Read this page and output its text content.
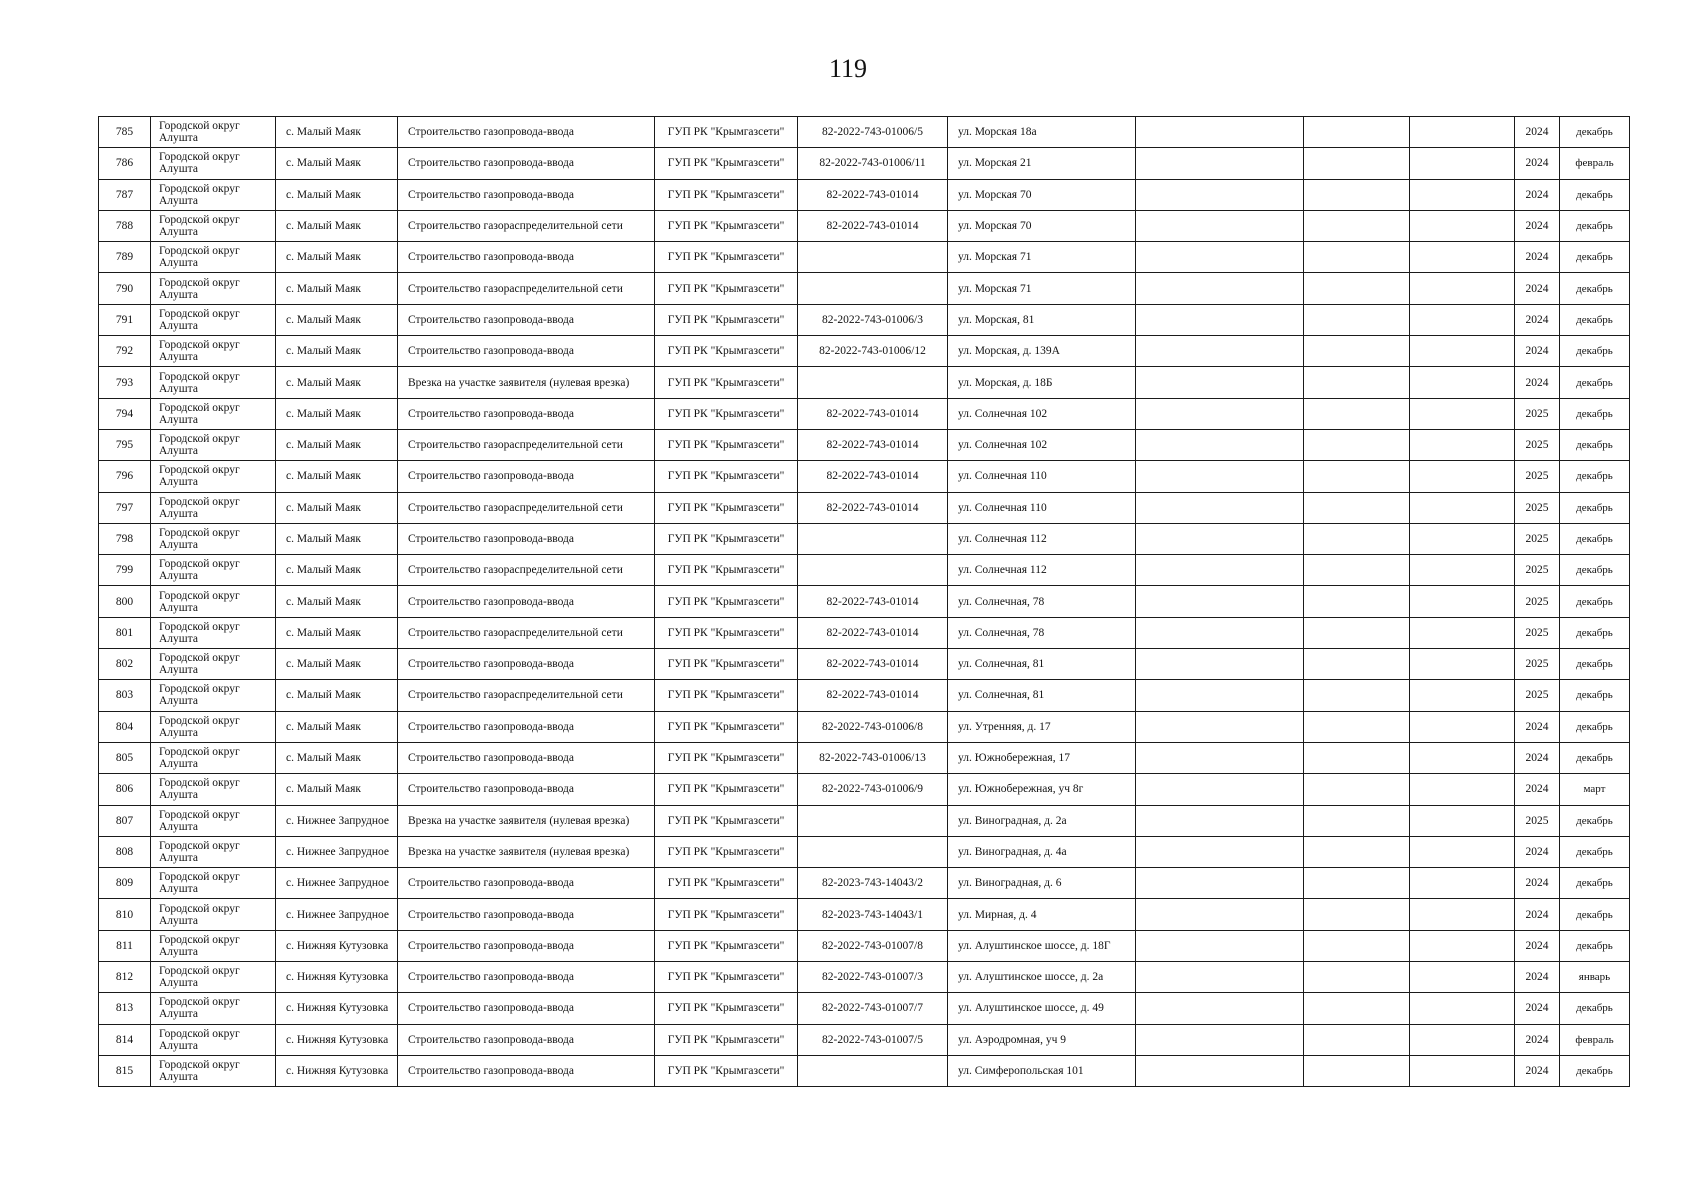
119
785	Городской округ Алушта	с. Малый Маяк	Строительство газопровода-ввода	ГУП РК "Крымгазсети"	82-2022-743-01006/5	ул. Морская 18а				2024	декабрь
786	Городской округ Алушта	с. Малый Маяк	Строительство газопровода-ввода	ГУП РК "Крымгазсети"	82-2022-743-01006/11	ул. Морская 21				2024	февраль
787	Городской округ Алушта	с. Малый Маяк	Строительство газопровода-ввода	ГУП РК "Крымгазсети"	82-2022-743-01014	ул. Морская 70				2024	декабрь
788	Городской округ Алушта	с. Малый Маяк	Строительство газораспределительной сети	ГУП РК "Крымгазсети"	82-2022-743-01014	ул. Морская 70				2024	декабрь
789	Городской округ Алушта	с. Малый Маяк	Строительство газопровода-ввода	ГУП РК "Крымгазсети"		ул. Морская 71				2024	декабрь
790	Городской округ Алушта	с. Малый Маяк	Строительство газораспределительной сети	ГУП РК "Крымгазсети"		ул. Морская 71				2024	декабрь
791	Городской округ Алушта	с. Малый Маяк	Строительство газопровода-ввода	ГУП РК "Крымгазсети"	82-2022-743-01006/3	ул. Морская, 81				2024	декабрь
792	Городской округ Алушта	с. Малый Маяк	Строительство газопровода-ввода	ГУП РК "Крымгазсети"	82-2022-743-01006/12	ул. Морская, д. 139А				2024	декабрь
793	Городской округ Алушта	с. Малый Маяк	Врезка на участке заявителя (нулевая врезка)	ГУП РК "Крымгазсети"		ул. Морская, д. 18Б				2024	декабрь
794	Городской округ Алушта	с. Малый Маяк	Строительство газопровода-ввода	ГУП РК "Крымгазсети"	82-2022-743-01014	ул. Солнечная 102				2025	декабрь
795	Городской округ Алушта	с. Малый Маяк	Строительство газораспределительной сети	ГУП РК "Крымгазсети"	82-2022-743-01014	ул. Солнечная 102				2025	декабрь
796	Городской округ Алушта	с. Малый Маяк	Строительство газопровода-ввода	ГУП РК "Крымгазсети"	82-2022-743-01014	ул. Солнечная 110				2025	декабрь
797	Городской округ Алушта	с. Малый Маяк	Строительство газораспределительной сети	ГУП РК "Крымгазсети"	82-2022-743-01014	ул. Солнечная 110				2025	декабрь
798	Городской округ Алушта	с. Малый Маяк	Строительство газопровода-ввода	ГУП РК "Крымгазсети"		ул. Солнечная 112				2025	декабрь
799	Городской округ Алушта	с. Малый Маяк	Строительство газораспределительной сети	ГУП РК "Крымгазсети"		ул. Солнечная 112				2025	декабрь
800	Городской округ Алушта	с. Малый Маяк	Строительство газопровода-ввода	ГУП РК "Крымгазсети"	82-2022-743-01014	ул. Солнечная, 78				2025	декабрь
801	Городской округ Алушта	с. Малый Маяк	Строительство газораспределительной сети	ГУП РК "Крымгазсети"	82-2022-743-01014	ул. Солнечная, 78				2025	декабрь
802	Городской округ Алушта	с. Малый Маяк	Строительство газопровода-ввода	ГУП РК "Крымгазсети"	82-2022-743-01014	ул. Солнечная, 81				2025	декабрь
803	Городской округ Алушта	с. Малый Маяк	Строительство газораспределительной сети	ГУП РК "Крымгазсети"	82-2022-743-01014	ул. Солнечная, 81				2025	декабрь
804	Городской округ Алушта	с. Малый Маяк	Строительство газопровода-ввода	ГУП РК "Крымгазсети"	82-2022-743-01006/8	ул. Утренняя, д. 17				2024	декабрь
805	Городской округ Алушта	с. Малый Маяк	Строительство газопровода-ввода	ГУП РК "Крымгазсети"	82-2022-743-01006/13	ул. Южнобережная, 17				2024	декабрь
806	Городской округ Алушта	с. Малый Маяк	Строительство газопровода-ввода	ГУП РК "Крымгазсети"	82-2022-743-01006/9	ул. Южнобережная, уч 8г				2024	март
807	Городской округ Алушта	с. Нижнее Запрудное	Врезка на участке заявителя (нулевая врезка)	ГУП РК "Крымгазсети"		ул. Виноградная, д. 2а				2025	декабрь
808	Городской округ Алушта	с. Нижнее Запрудное	Врезка на участке заявителя (нулевая врезка)	ГУП РК "Крымгазсети"		ул. Виноградная, д. 4а				2024	декабрь
809	Городской округ Алушта	с. Нижнее Запрудное	Строительство газопровода-ввода	ГУП РК "Крымгазсети"	82-2023-743-14043/2	ул. Виноградная, д. 6				2024	декабрь
810	Городской округ Алушта	с. Нижнее Запрудное	Строительство газопровода-ввода	ГУП РК "Крымгазсети"	82-2023-743-14043/1	ул. Мирная, д. 4				2024	декабрь
811	Городской округ Алушта	с. Нижняя Кутузовка	Строительство газопровода-ввода	ГУП РК "Крымгазсети"	82-2022-743-01007/8	ул. Алуштинское шоссе, д. 18Г				2024	декабрь
812	Городской округ Алушта	с. Нижняя Кутузовка	Строительство газопровода-ввода	ГУП РК "Крымгазсети"	82-2022-743-01007/3	ул. Алуштинское шоссе, д. 2а				2024	январь
813	Городской округ Алушта	с. Нижняя Кутузовка	Строительство газопровода-ввода	ГУП РК "Крымгазсети"	82-2022-743-01007/7	ул. Алуштинское шоссе, д. 49				2024	декабрь
814	Городской округ Алушта	с. Нижняя Кутузовка	Строительство газопровода-ввода	ГУП РК "Крымгазсети"	82-2022-743-01007/5	ул. Аэродромная, уч 9				2024	февраль
815	Городской округ Алушта	с. Нижняя Кутузовка	Строительство газопровода-ввода	ГУП РК "Крымгазсети"		ул. Симферопольская 101				2024	декабрь
